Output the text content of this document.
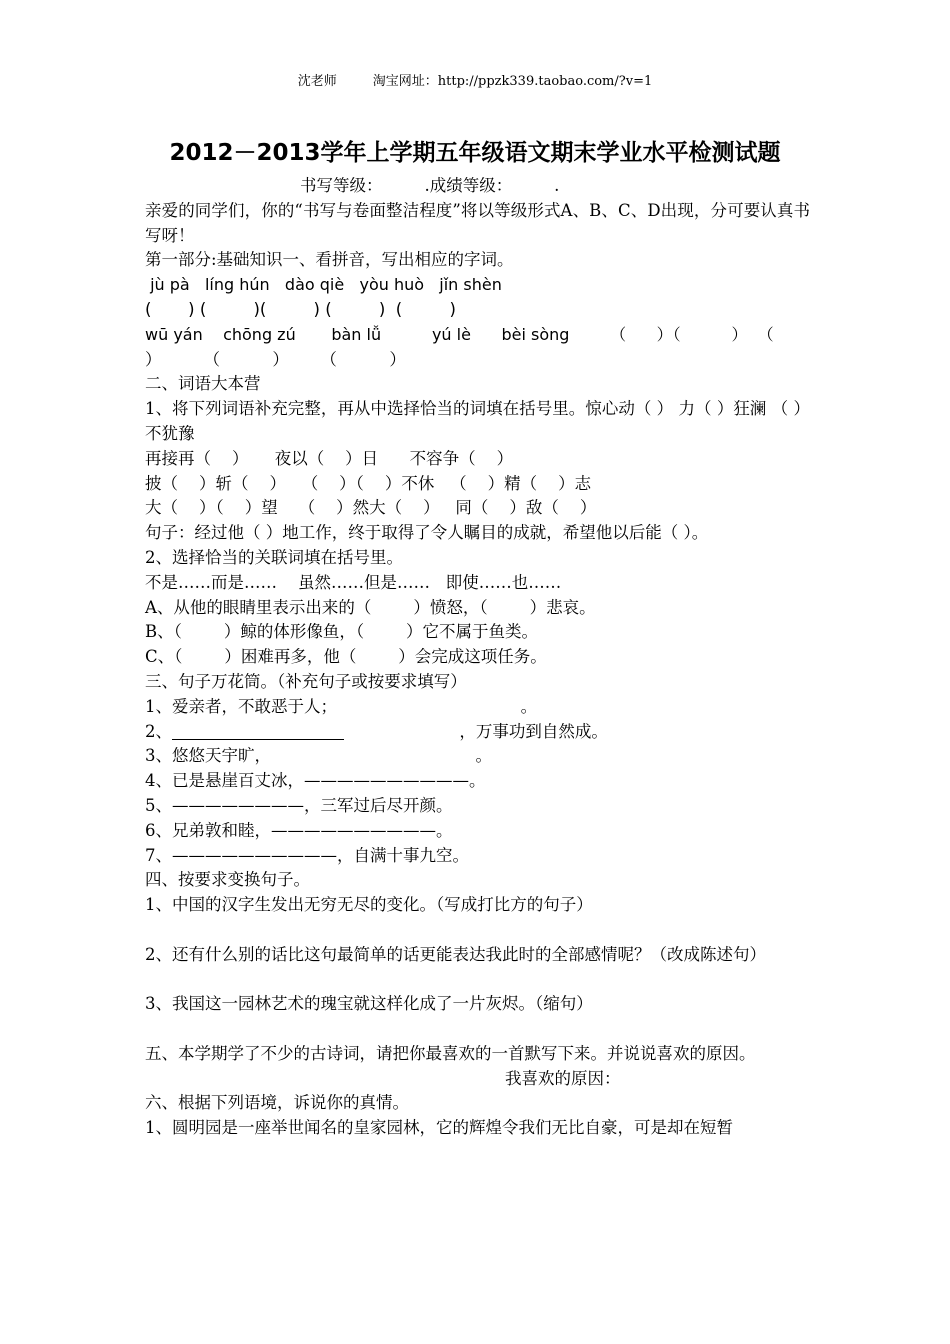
沈老师	淘宝网址：http://ppzk339.taobao.com/?v=1
2012－2013学年上学期五年级语文期末学业水平检测试题
书写等级：        .成绩等级：        .
亲爱的同学们，你的“书写与卷面整洁程度”将以等级形式A、B、C、D出现，分可要认真书写呀！
第一部分:基础知识一、看拼音，写出相应的字词。
jù pà   líng hún   dào qiè   yòu huò   jǐn shèn
(       ) (         )(         ) (         )  (         )
wū yán    chōng zú       bàn lǚ          yú lè      bèi sòng        （      ）（          ）  （
）        （          ）      （          ）
二、词语大本营
1、将下列词语补充完整，再从中选择恰当的词填在括号里。惊心动（ ） 力（ ）狂澜 （ ）不犹豫
再接再（    ）     夜以（    ）日      不容争（    ）
披（    ）斩（    ）   （    ）（    ）不休   （    ）精（    ）志
大（    ）（    ）望    （    ）然大（    ）   同（    ）敌（    ）
句子：经过他（ ）地工作，终于取得了令人瞩目的成就，希望他以后能（ ）。
2、选择恰当的关联词填在括号里。
不是……而是……    虽然……但是……   即使……也……
A、从他的眼睛里表示出来的（        ）愤怒，（        ）悲哀。
B、（        ）鲸的体形像鱼，（        ）它不属于鱼类。
C、（        ）困难再多，他（        ）会完成这项任务。
三、句子万花筒。（补充句子或按要求填写）
1、爱亲者，不敢恶于人；                                   。
2、	，万事功到自然成。
3、悠悠天宇旷，                                       。
4、已是悬崖百丈冰，——————————。
5、————————，三军过后尽开颜。
6、兄弟敦和睦，——————————。
7、——————————，自满十事九空。
四、按要求变换句子。
1、中国的汉字生发出无穷无尽的变化。（写成打比方的句子）
2、还有什么别的话比这句最简单的话更能表达我此时的全部感情呢？（改成陈述句）
3、我国这一园林艺术的瑰宝就这样化成了一片灰烬。（缩句）
五、本学期学了不少的古诗词，请把你最喜欢的一首默写下来。并说说喜欢的原因。
我喜欢的原因：
六、根据下列语境，诉说你的真情。
1、圆明园是一座举世闻名的皇家园林，它的辉煌令我们无比自豪，可是却在短暂
